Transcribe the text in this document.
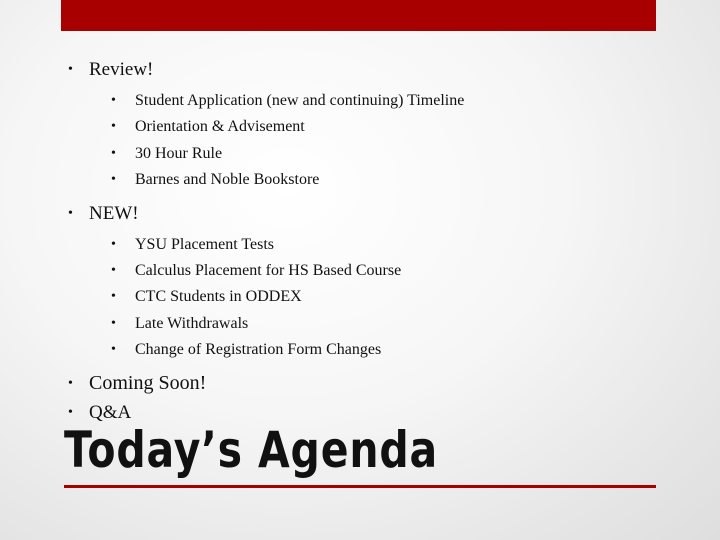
• Review!
• Student Application (new and continuing) Timeline
• Orientation & Advisement
• 30 Hour Rule
• Barnes and Noble Bookstore
• NEW!
• YSU Placement Tests
• Calculus Placement for HS Based Course
• CTC Students in ODDEX
• Late Withdrawals
• Change of Registration Form Changes
• Coming Soon!
• Q&A
Today’s Agenda
